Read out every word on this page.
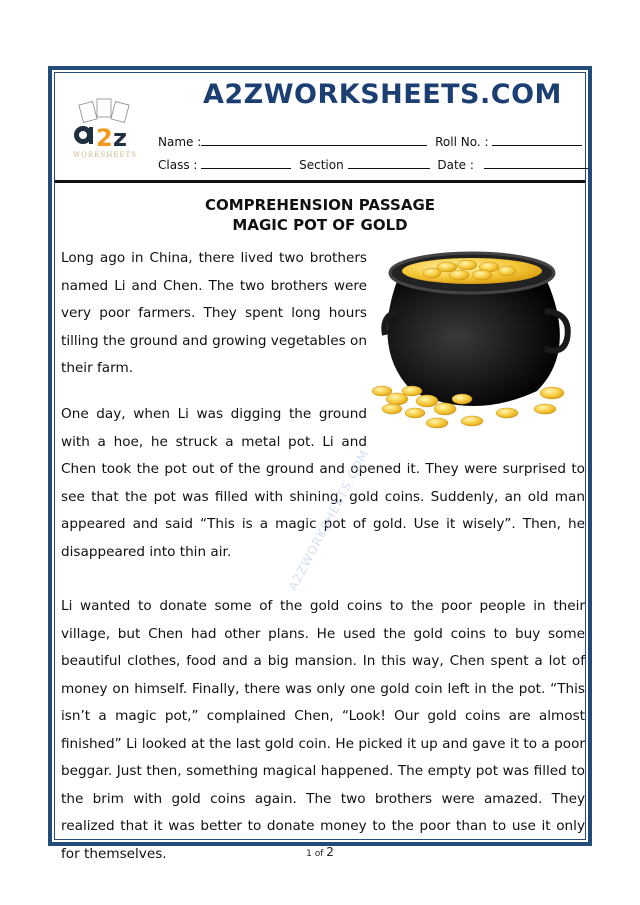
2 z
WORKSHEETS
A2ZWORKSHEETS.COM
Name :	Roll No. :
Class :	Section	Date :
COMPREHENSION PASSAGE
MAGIC POT OF GOLD

Long ago in China, there lived two brothers named Li and Chen. The two brothers were very poor farmers. They spent long hours tilling the ground and growing vegetables on their farm.

One day, when Li was digging the ground with a hoe, he struck a metal pot. Li and Chen took the pot out of the ground and opened it. They were surprised to see that the pot was filled with shining, gold coins. Suddenly, an old man appeared and said “This is a magic pot of gold. Use it wisely”. Then, he disappeared into thin air.

Li wanted to donate some of the gold coins to the poor people in their village, but Chen had other plans. He used the gold coins to buy some beautiful clothes, food and a big mansion. In this way, Chen spent a lot of money on himself. Finally, there was only one gold coin left in the pot. “This isn’t a magic pot,” complained Chen, “Look! Our gold coins are almost finished” Li looked at the last gold coin. He picked it up and gave it to a poor beggar. Just then, something magical happened. The empty pot was filled to the brim with gold coins again. The two brothers were amazed. They realized that it was better to donate money to the poor than to use it only for themselves.

A2ZWORKSHEETS.COM
1 of 2
